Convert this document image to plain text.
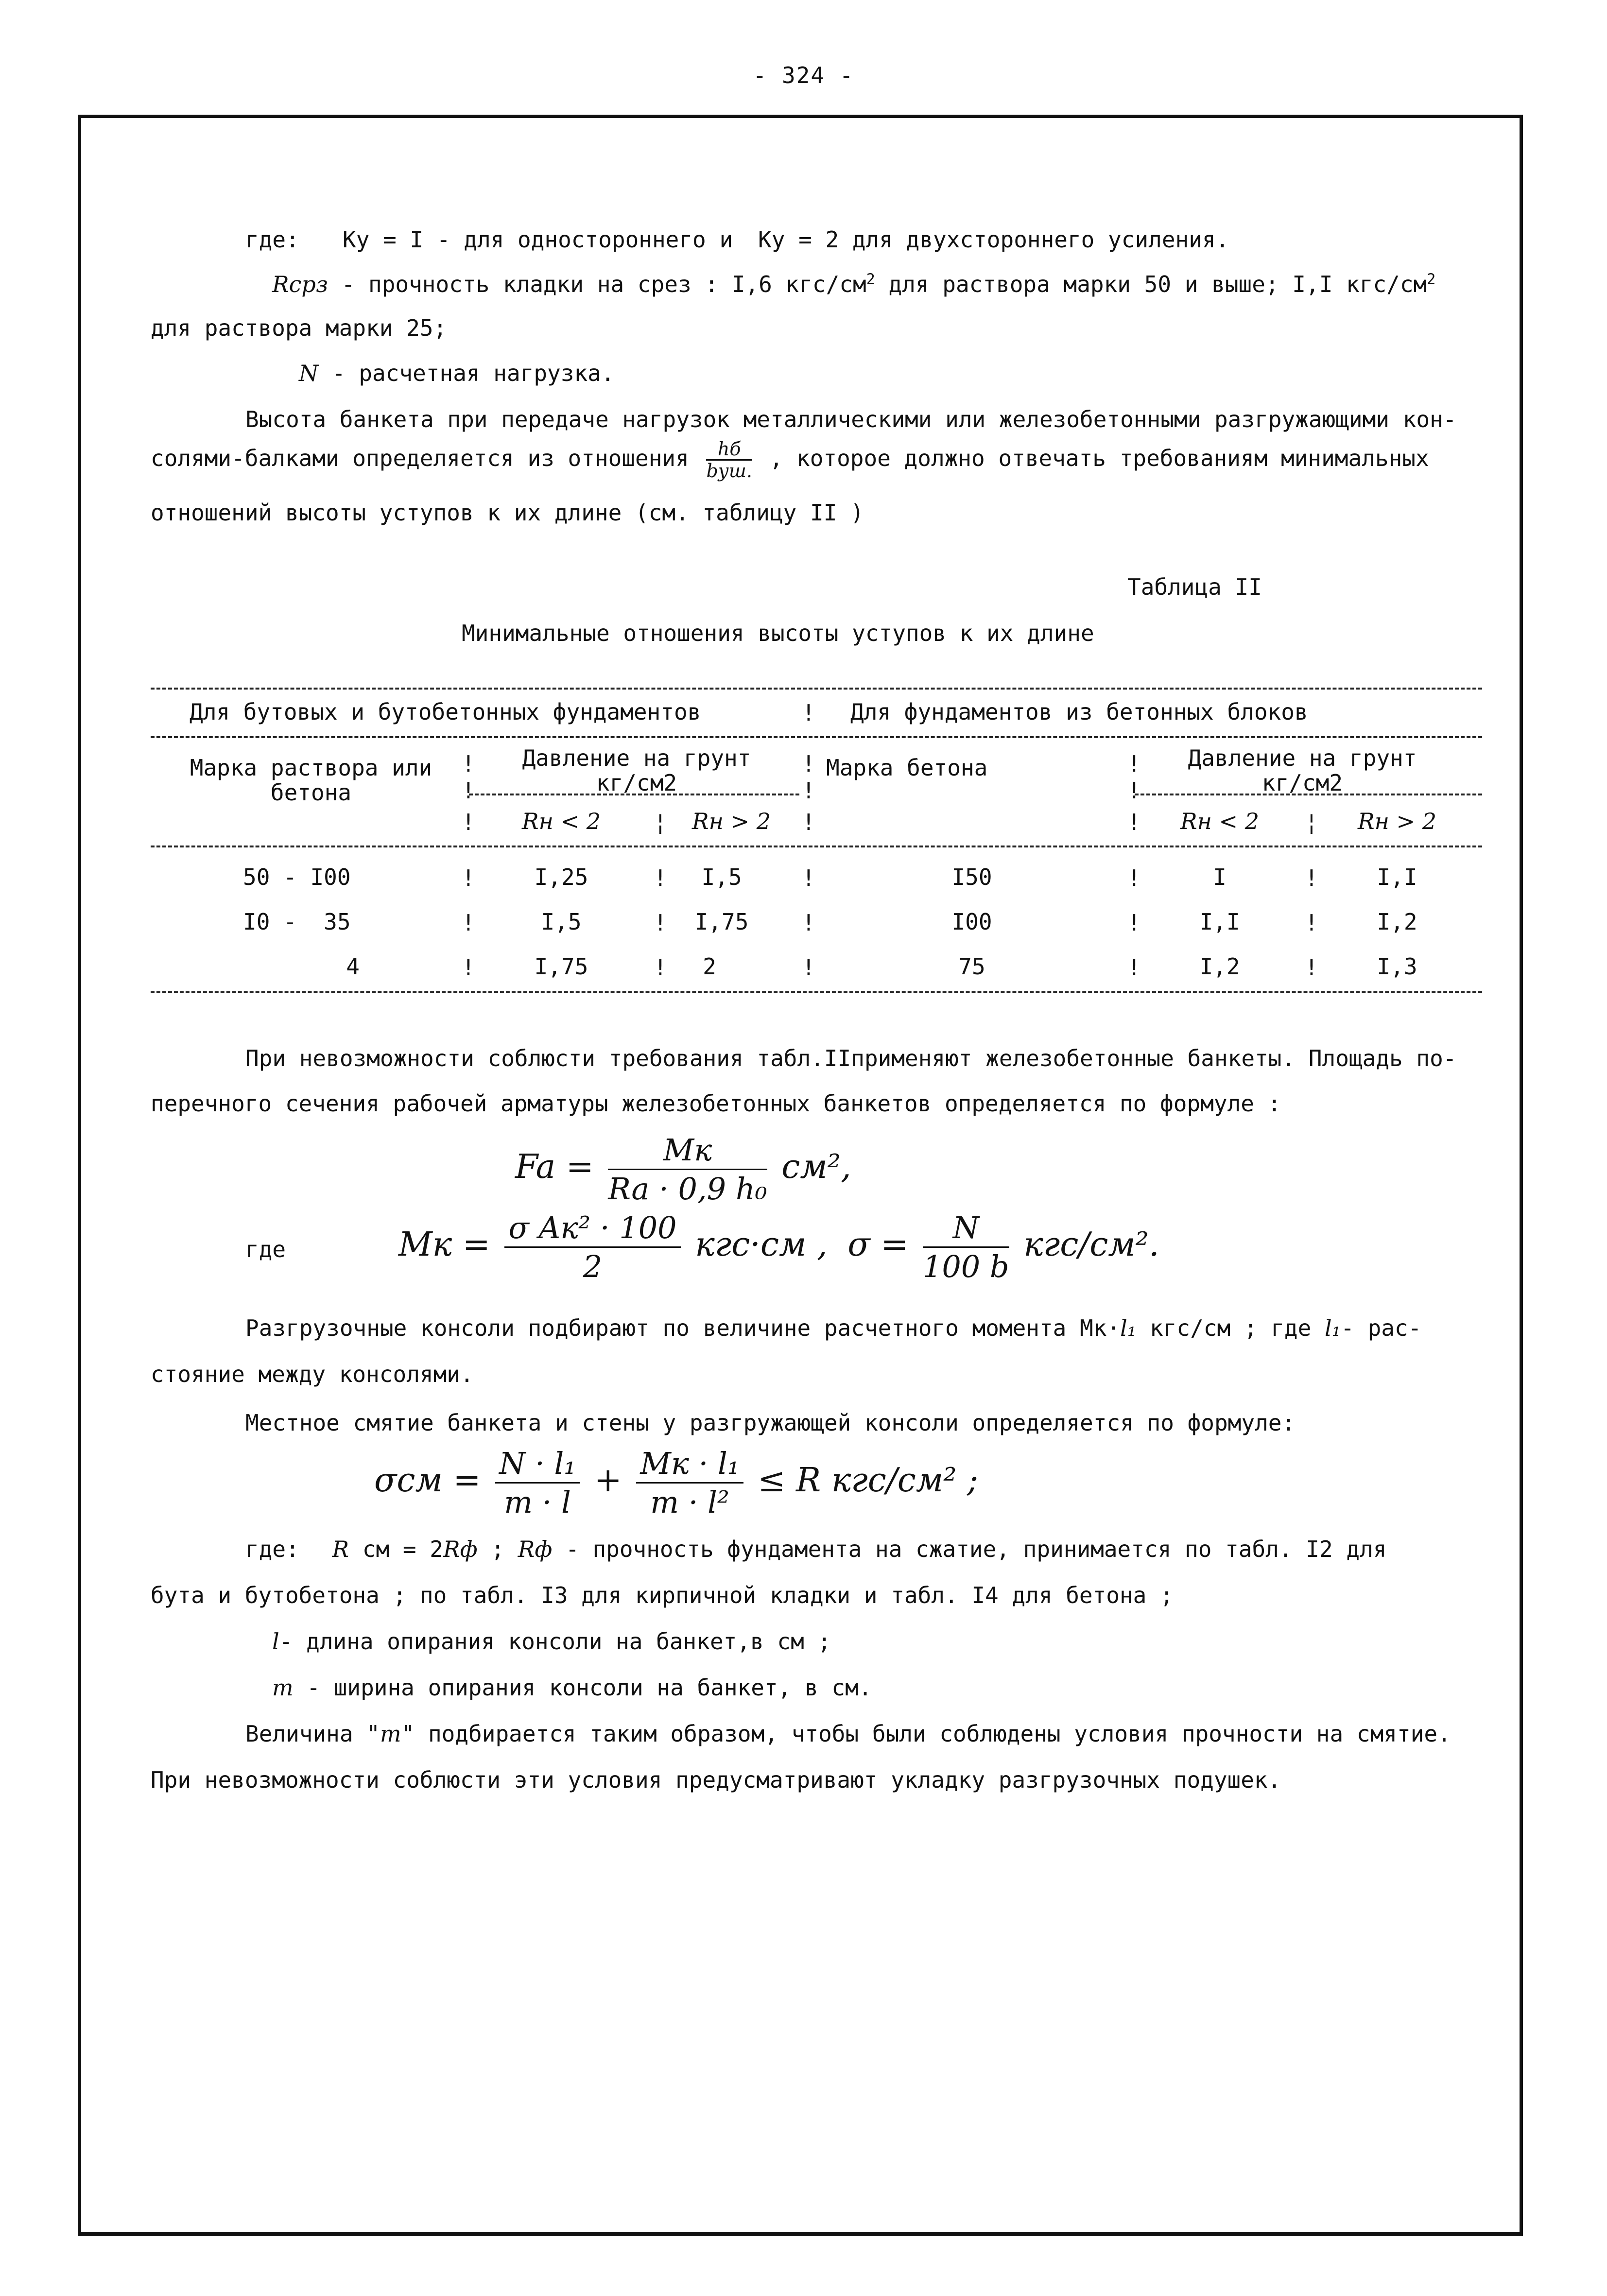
- 324 -
где: Ку = I - для одностороннего и Ку = 2 для двухстороннего усиления.
Rсрз - прочность кладки на срез : I,6 кгс/$см^2$ для раствора марки 50 и выше; I,I кгс/$см^2$
для раствора марки 25;
N - расчетная нагрузка.
Высота банкета при передаче нагрузок металлическими или железобетонными разгружающими кон-
солями-балками определяется из отношения $\frac{hб}{\text{bуш.}}$ , которое должно отвечать требованиям минимальных
отношений высоты уступов к их длине (см. таблицу II )
Таблица II
Минимальные отношения высоты уступов к их длине
Для бутовых и бутобетонных фундаментов	! Для фундаментов из бетонных блоков
Марка раствора или
бетона
!
!
!
Давление на грунт
кг/см2
!
!
!
Марка бетона	!
!
!
Давление на грунт
кг/см2
Rн < 2	¦	Rн > 2	Rн < 2	¦	Rн > 2
50 - I00	!	I,25	!	I,5	!	I50	!	I	!	I,I
I0 -  35	!	I,5	!	I,75	!	I00	!	I,I	!	I,2
4	!	I,75	!	2	!	75	!	I,2	!	I,3
При невозможности соблюсти требования табл.IIприменяют железобетонные банкеты. Площадь по-
перечного сечения рабочей арматуры железобетонных банкетов определяется по формуле :
$Fa = \frac{Mк}{\text{Ra · 0,9 h₀}} см^2$,
где	Mк = $\frac{\text{σ Aк² · 100}}{2} кгс\cdot см$ , $\sigma = \frac{N}{100 b} кгс/см^2$.
Разгрузочные консоли подбирают по величине расчетного момента Мк·l₁ кгс/см ; где l₁- рас-
стояние между консолями.
Местное смятие банкета и стены у разгружающей консоли определяется по формуле:
$\sigma см = \frac{\text{N · l₁}}{m \cdot l} + \frac{\text{Mк · l₁}}{\text{m · l²}} \le R$ кгс/см² ;
где: R см = 2Rф ; Rф - прочность фундамента на сжатие, принимается по табл. I2 для
бута и бутобетона ; по табл. I3 для кирпичной кладки и табл. I4 для бетона ;
l- длина опирания консоли на банкет,в см ;
m - ширина опирания консоли на банкет, в см.
Величина "m" подбирается таким образом, чтобы были соблюдены условия прочности на смятие.
При невозможности соблюсти эти условия предусматривают укладку разгрузочных подушек.
